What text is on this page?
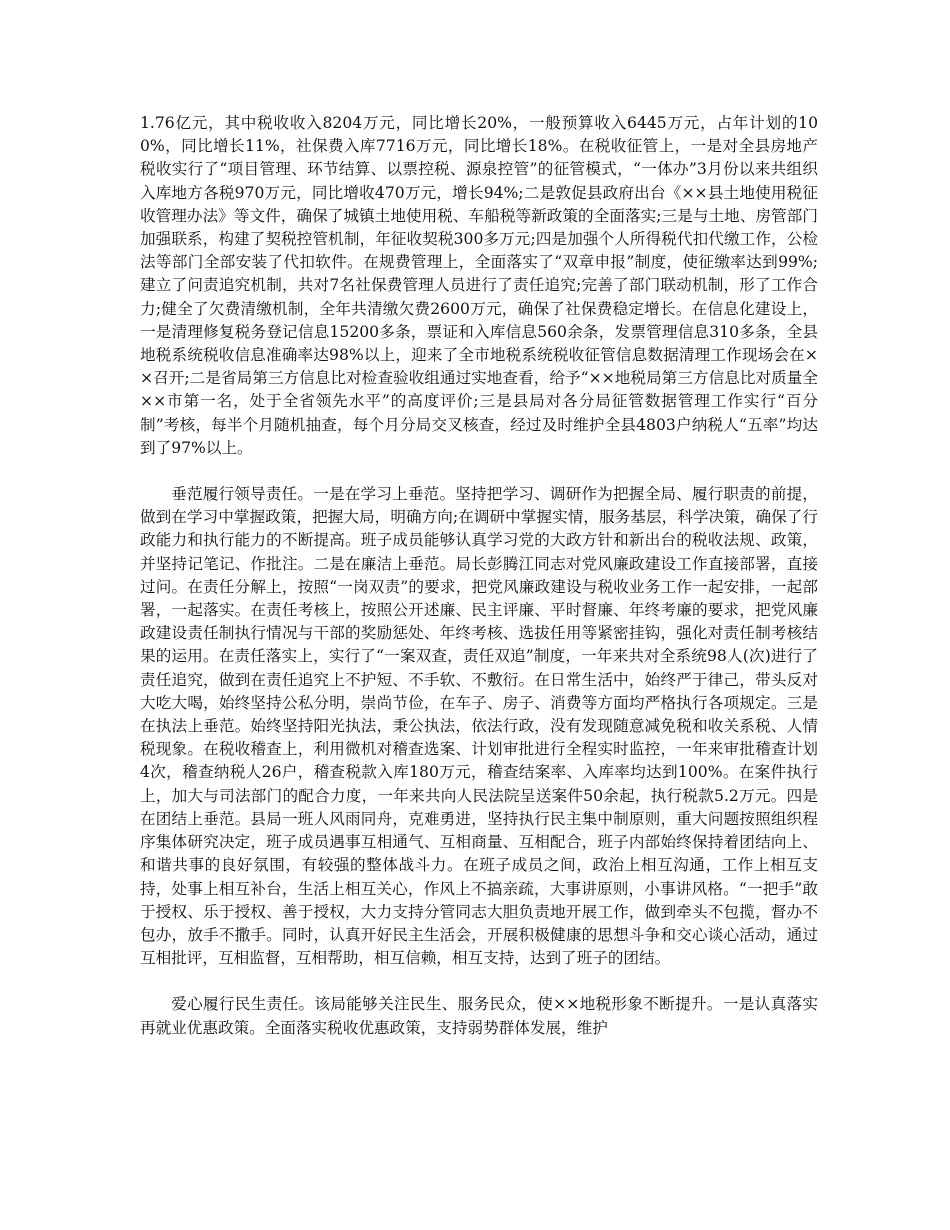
1.76亿元，其中税收收入8204万元，同比增长20%，一般预算收入6445万元，占年计划的100%，同比增长11%，社保费入库7716万元，同比增长18%。在税收征管上，一是对全县房地产税收实行了“项目管理、环节结算、以票控税、源泉控管”的征管模式，“一体办”3月份以来共组织入库地方各税970万元，同比增收470万元，增长94%;二是敦促县政府出台《××县土地使用税征收管理办法》等文件，确保了城镇土地使用税、车船税等新政策的全面落实;三是与土地、房管部门加强联系，构建了契税控管机制，年征收契税300多万元;四是加强个人所得税代扣代缴工作，公检法等部门全部安装了代扣软件。在规费管理上，全面落实了“双章申报”制度，使征缴率达到99%;建立了问责追究机制，共对7名社保费管理人员进行了责任追究;完善了部门联动机制，形了工作合力;健全了欠费清缴机制，全年共清缴欠费2600万元，确保了社保费稳定增长。在信息化建设上，一是清理修复税务登记信息15200多条，票证和入库信息560余条，发票管理信息310多条，全县地税系统税收信息准确率达98%以上，迎来了全市地税系统税收征管信息数据清理工作现场会在××召开;二是省局第三方信息比对检查验收组通过实地查看，给予“××地税局第三方信息比对质量全××市第一名，处于全省领先水平”的高度评价;三是县局对各分局征管数据管理工作实行“百分制”考核，每半个月随机抽查，每个月分局交叉核查，经过及时维护全县4803户纳税人“五率”均达到了97%以上。

垂范履行领导责任。一是在学习上垂范。坚持把学习、调研作为把握全局、履行职责的前提，做到在学习中掌握政策，把握大局，明确方向;在调研中掌握实情，服务基层，科学决策，确保了行政能力和执行能力的不断提高。班子成员能够认真学习党的大政方针和新出台的税收法规、政策，并坚持记笔记、作批注。二是在廉洁上垂范。局长彭腾江同志对党风廉政建设工作直接部署，直接过问。在责任分解上，按照“一岗双责”的要求，把党风廉政建设与税收业务工作一起安排，一起部署，一起落实。在责任考核上，按照公开述廉、民主评廉、平时督廉、年终考廉的要求，把党风廉政建设责任制执行情况与干部的奖励惩处、年终考核、选拔任用等紧密挂钩，强化对责任制考核结果的运用。在责任落实上，实行了“一案双查，责任双追”制度，一年来共对全系统98人(次)进行了责任追究，做到在责任追究上不护短、不手软、不敷衍。在日常生活中，始终严于律己，带头反对大吃大喝，始终坚持公私分明，崇尚节俭，在车子、房子、消费等方面均严格执行各项规定。三是在执法上垂范。始终坚持阳光执法，秉公执法，依法行政，没有发现随意减免税和收关系税、人情税现象。在税收稽查上，利用微机对稽查选案、计划审批进行全程实时监控，一年来审批稽查计划4次，稽查纳税人26户，稽查税款入库180万元，稽查结案率、入库率均达到100%。在案件执行上，加大与司法部门的配合力度，一年来共向人民法院呈送案件50余起，执行税款5.2万元。四是在团结上垂范。县局一班人风雨同舟，克难勇进，坚持执行民主集中制原则，重大问题按照组织程序集体研究决定，班子成员遇事互相通气、互相商量、互相配合，班子内部始终保持着团结向上、和谐共事的良好氛围，有较强的整体战斗力。在班子成员之间，政治上相互沟通，工作上相互支持，处事上相互补台，生活上相互关心，作风上不搞亲疏，大事讲原则，小事讲风格。“一把手”敢于授权、乐于授权、善于授权，大力支持分管同志大胆负责地开展工作，做到牵头不包揽，督办不包办，放手不撒手。同时，认真开好民主生活会，开展积极健康的思想斗争和交心谈心活动，通过互相批评，互相监督，互相帮助，相互信赖，相互支持，达到了班子的团结。

爱心履行民生责任。该局能够关注民生、服务民众，使××地税形象不断提升。一是认真落实再就业优惠政策。全面落实税收优惠政策，支持弱势群体发展，维护
